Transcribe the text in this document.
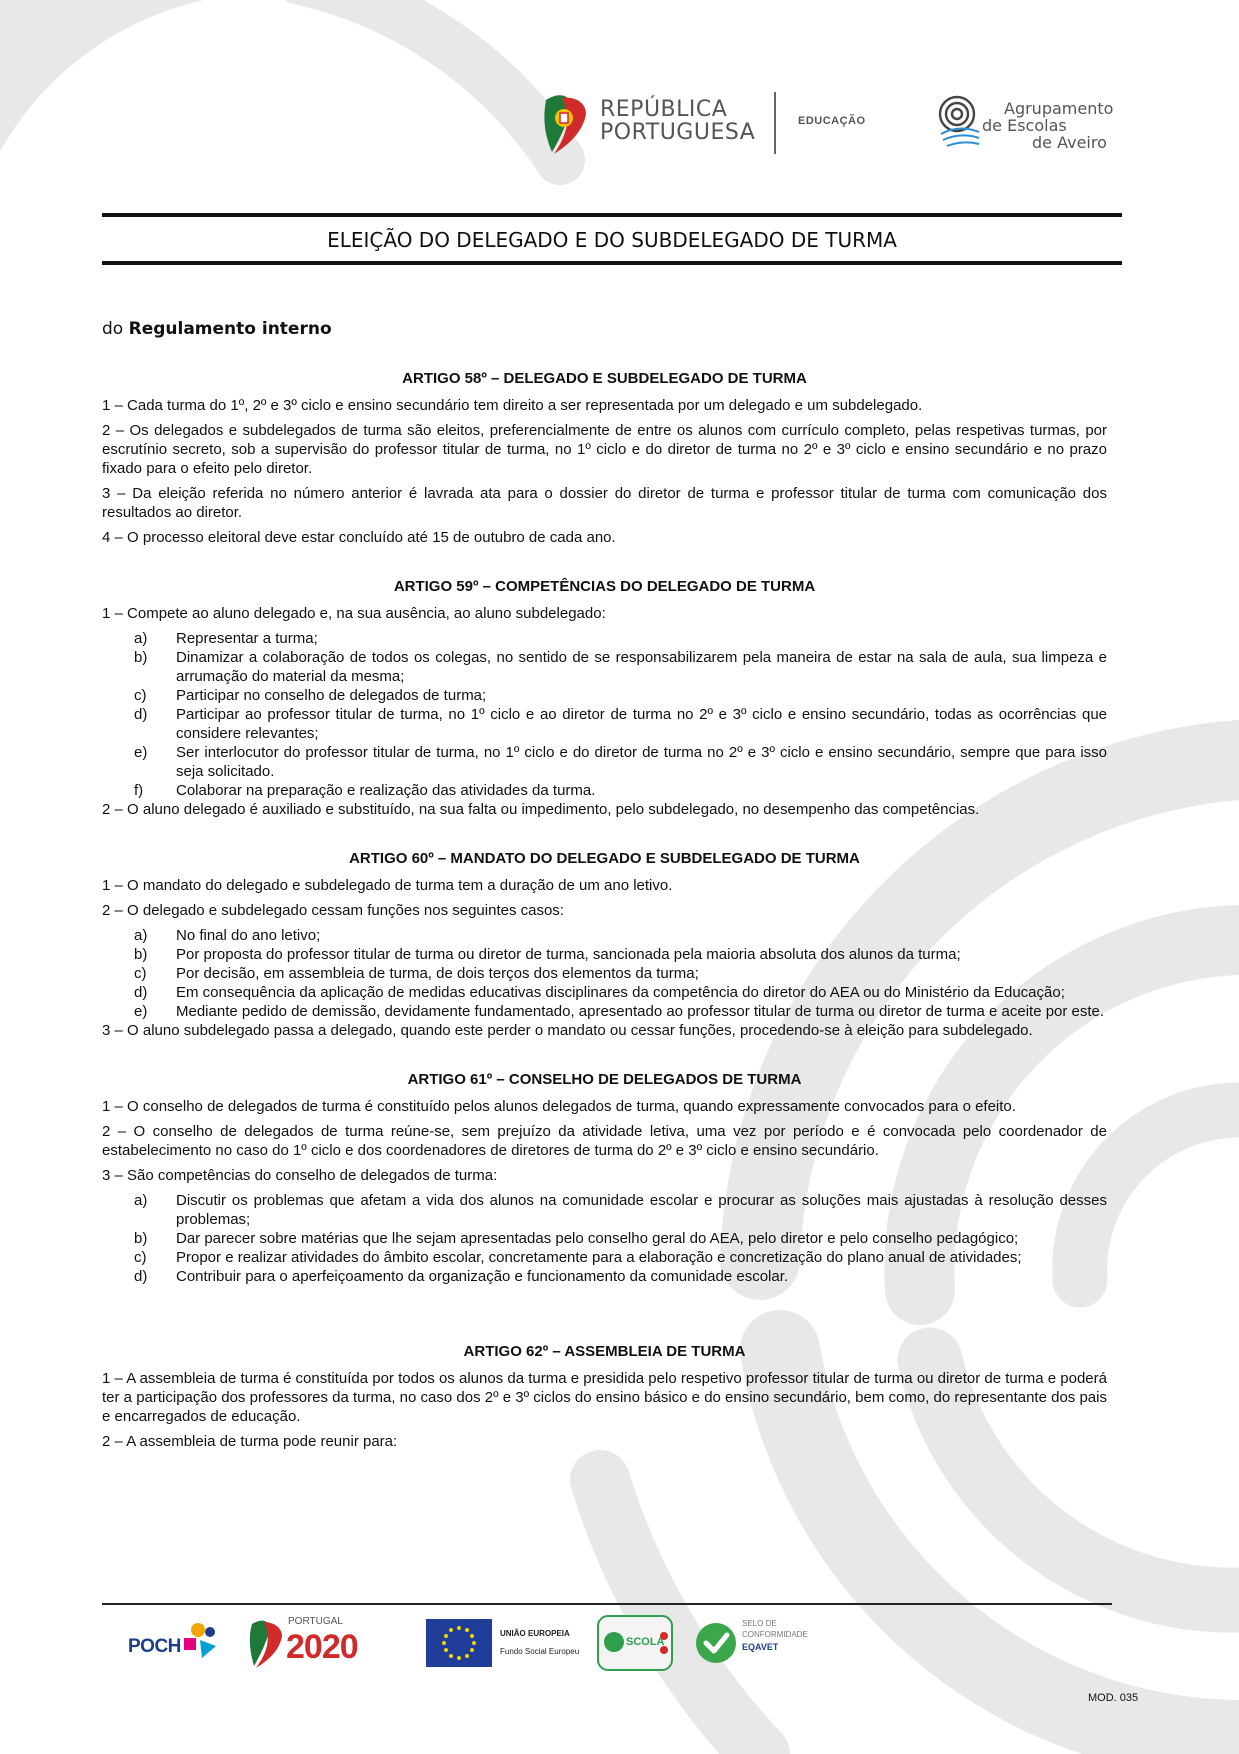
REPÚBLICA
PORTUGUESA	EDUCAÇÃO
Agrupamento
de Escolas
de Aveiro
ELEIÇÃO DO DELEGADO E DO SUBDELEGADO DE TURMA

do Regulamento interno

ARTIGO 58º – DELEGADO E SUBDELEGADO DE TURMA

1 – Cada turma do 1º, 2º e 3º ciclo e ensino secundário tem direito a ser representada por um delegado e um subdelegado.

2 – Os delegados e subdelegados de turma são eleitos, preferencialmente de entre os alunos com currículo completo, pelas respetivas turmas, por escrutínio secreto, sob a supervisão do professor titular de turma, no 1º ciclo e do diretor de turma no 2º e 3º ciclo e ensino secundário e no prazo fixado para o efeito pelo diretor.

3 – Da eleição referida no número anterior é lavrada ata para o dossier do diretor de turma e professor titular de turma com comunicação dos resultados ao diretor.

4 – O processo eleitoral deve estar concluído até 15 de outubro de cada ano.

ARTIGO 59º – COMPETÊNCIAS DO DELEGADO DE TURMA

1 – Compete ao aluno delegado e, na sua ausência, ao aluno subdelegado:

a)	Representar a turma;
b)	Dinamizar a colaboração de todos os colegas, no sentido de se responsabilizarem pela maneira de estar na sala de aula, sua limpeza e arrumação do material da mesma;
c)	Participar no conselho de delegados de turma;
d)	Participar ao professor titular de turma, no 1º ciclo e ao diretor de turma no 2º e 3º ciclo e ensino secundário, todas as ocorrências que considere relevantes;
e)	Ser interlocutor do professor titular de turma, no 1º ciclo e do diretor de turma no 2º e 3º ciclo e ensino secundário, sempre que para isso seja solicitado.
f)	Colaborar na preparação e realização das atividades da turma.

2 – O aluno delegado é auxiliado e substituído, na sua falta ou impedimento, pelo subdelegado, no desempenho das competências.

ARTIGO 60º – MANDATO DO DELEGADO E SUBDELEGADO DE TURMA

1 – O mandato do delegado e subdelegado de turma tem a duração de um ano letivo.

2 – O delegado e subdelegado cessam funções nos seguintes casos:

a)	No final do ano letivo;
b)	Por proposta do professor titular de turma ou diretor de turma, sancionada pela maioria absoluta dos alunos da turma;
c)	Por decisão, em assembleia de turma, de dois terços dos elementos da turma;
d)	Em consequência da aplicação de medidas educativas disciplinares da competência do diretor do AEA ou do Ministério da Educação;
e)	Mediante pedido de demissão, devidamente fundamentado, apresentado ao professor titular de turma ou diretor de turma e aceite por este.

3 – O aluno subdelegado passa a delegado, quando este perder o mandato ou cessar funções, procedendo-se à eleição para subdelegado.

ARTIGO 61º – CONSELHO DE DELEGADOS DE TURMA

1 – O conselho de delegados de turma é constituído pelos alunos delegados de turma, quando expressamente convocados para o efeito.

2 – O conselho de delegados de turma reúne-se, sem prejuízo da atividade letiva, uma vez por período e é convocada pelo coordenador de estabelecimento no caso do 1º ciclo e dos coordenadores de diretores de turma do 2º e 3º ciclo e ensino secundário.

3 – São competências do conselho de delegados de turma:

a)	Discutir os problemas que afetam a vida dos alunos na comunidade escolar e procurar as soluções mais ajustadas à resolução desses problemas;
b)	Dar parecer sobre matérias que lhe sejam apresentadas pelo conselho geral do AEA, pelo diretor e pelo conselho pedagógico;
c)	Propor e realizar atividades do âmbito escolar, concretamente para a elaboração e concretização do plano anual de atividades;
d)	Contribuir para o aperfeiçoamento da organização e funcionamento da comunidade escolar.

ARTIGO 62º – ASSEMBLEIA DE TURMA

1 – A assembleia de turma é constituída por todos os alunos da turma e presidida pelo respetivo professor titular de turma ou diretor de turma e poderá ter a participação dos professores da turma, no caso dos 2º e 3º ciclos do ensino básico e do ensino secundário, bem como, do representante dos pais e encarregados de educação.

2 – A assembleia de turma pode reunir para:

POCH
PORTUGAL
2020	UNIÃO EUROPEIA
Fundo Social Europeu
SCOLA
SELO DE
CONFORMIDADE
EQAVET
MOD. 035
